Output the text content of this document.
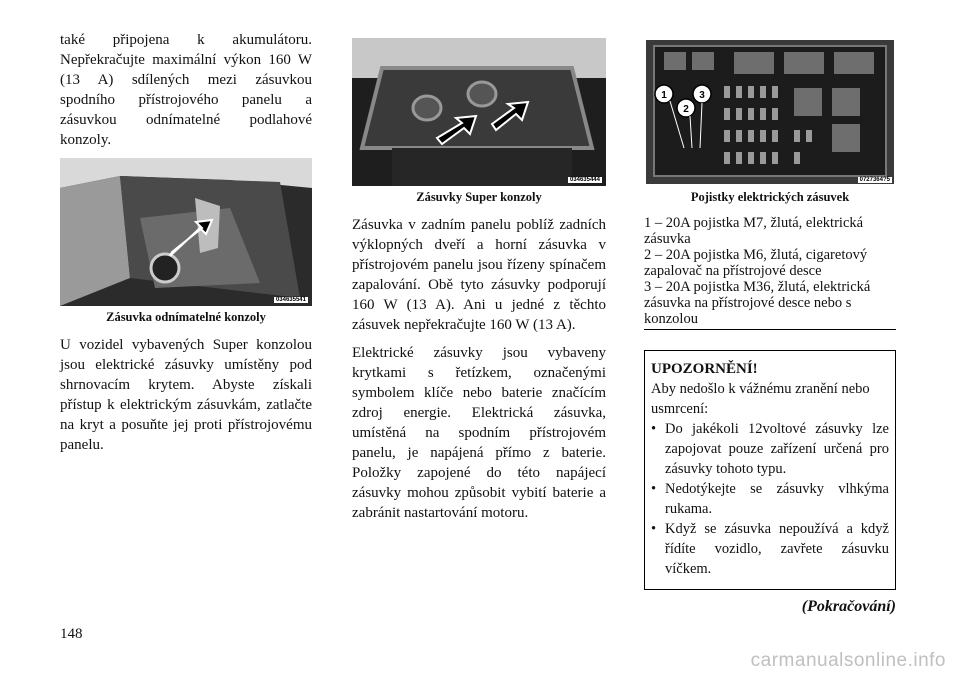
také připojena k akumulátoru. Nepřekračujte maximální výkon 160 W (13 A) sdílených mezi zásuvkou spodního přístrojového panelu a zásuvkou odnímatelné podlahové konzoly.

034635541
Zásuvka odnímatelné konzoly

U vozidel vybavených Super konzolou jsou elektrické zásuvky umístěny pod shrnovacím krytem. Abyste získali přístup k elektrickým zásuvkám, zatlačte na kryt a posuňte jej proti přístrojovému panelu.

034635444
Zásuvky Super konzoly

Zásuvka v zadním panelu poblíž zadních výklopných dveří a horní zásuvka v přístrojovém panelu jsou řízeny spínačem zapalování. Obě tyto zásuvky podporují 160 W (13 A). Ani u jedné z těchto zásuvek nepřekračujte 160 W (13 A).

Elektrické zásuvky jsou vybaveny krytkami s řetízkem, označenými symbolem klíče nebo baterie značícím zdroj energie. Elektrická zásuvka, umístěná na spodním přístrojovém panelu, je napájená přímo z baterie. Položky zapojené do této napájecí zásuvky mohou způsobit vybití baterie a zabránit nastartování motoru.

1
2
3
0727364?5
Pojistky elektrických zásuvek
1 – 20A pojistka M7, žlutá, elektrická zásuvka
2 – 20A pojistka M6, žlutá, cigaretový zapalovač na přístrojové desce
3 – 20A pojistka M36, žlutá, elektrická zásuvka na přístrojové desce nebo s konzolou
UPOZORNĚNÍ!
Aby nedošlo k vážnému zranění nebo usmrcení:
• Do jakékoli 12voltové zásuvky lze zapojovat pouze zařízení určená pro zásuvky tohoto typu.
• Nedotýkejte se zásuvky vlhkýma rukama.
• Když se zásuvka nepoužívá a když řídíte vozidlo, zavřete zásuvku víčkem.
(Pokračování)
148
carmanualsonline.info
